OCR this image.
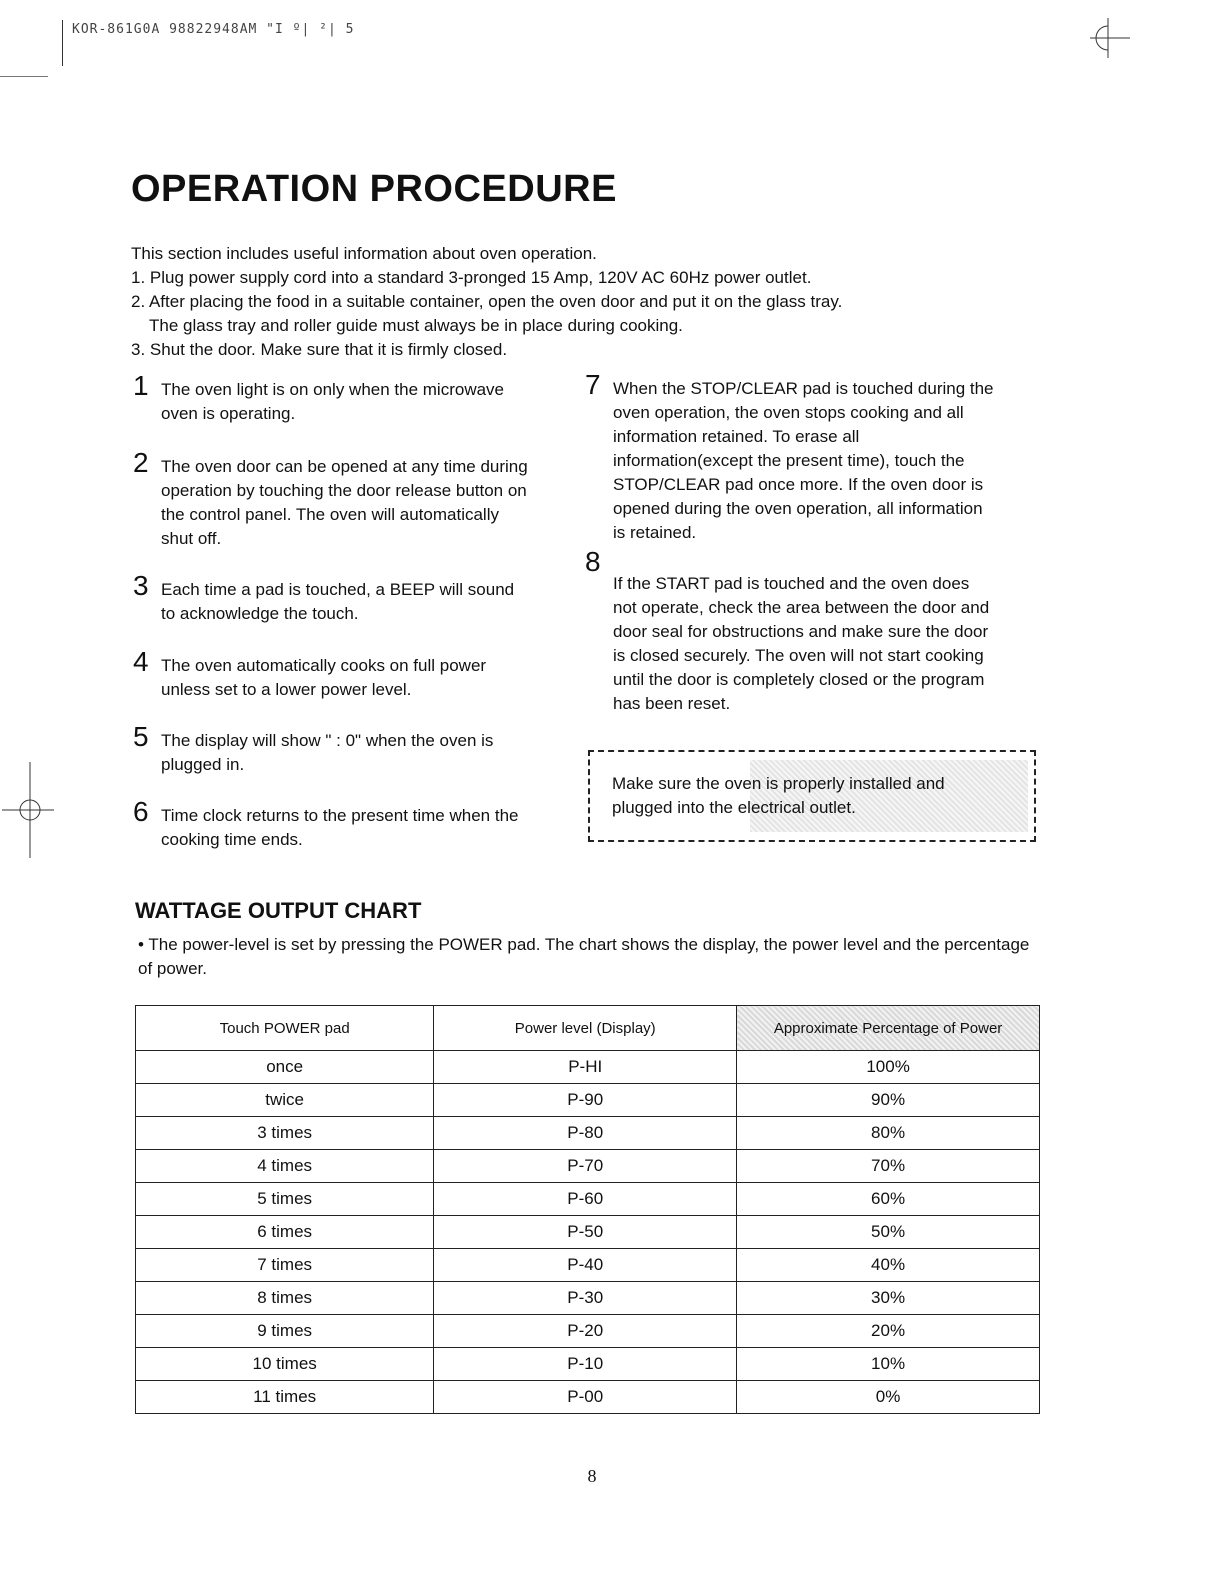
KOR-861G0A 98822948AM "I º| ²| 5
OPERATION PROCEDURE
This section includes useful information about oven operation.
1. Plug power supply cord into a standard 3-pronged 15 Amp, 120V AC 60Hz power outlet.
2. After placing the food in a suitable container, open the oven door and put it on the glass tray.
The glass tray and roller guide must always be in place during cooking.
3. Shut the door. Make sure that it is firmly closed.
1 The oven light is on only when the microwave
oven is operating.
2 The oven door can be opened at any time during
operation by touching the door release button on
the control panel. The oven will automatically
shut off.
3 Each time a pad is touched, a BEEP will sound
to acknowledge the touch.
4 The oven automatically cooks on full power
unless set to a lower power level.
5 The display will show " : 0" when the oven is
plugged in.
6 Time clock returns to the present time when the
cooking time ends.
7 When the STOP/CLEAR pad is touched during the
oven operation, the oven stops cooking and all
information retained. To erase all
information(except the present time), touch the
STOP/CLEAR pad once more. If the oven door is
opened during the oven operation, all information
is retained.
8
If the START pad is touched and the oven does
not operate, check the area between the door and
door seal for obstructions and make sure the door
is closed securely. The oven will not start cooking
until the door is completely closed or the program
has been reset.
Make sure the oven is properly installed and
plugged into the electrical outlet.
WATTAGE OUTPUT CHART
• The power-level is set by pressing the POWER pad. The chart shows the display, the power level and the percentage of power.
Touch POWER pad	Power level (Display)	Approximate Percentage of Power
once	P-HI	100%
twice	P-90	90%
3 times	P-80	80%
4 times	P-70	70%
5 times	P-60	60%
6 times	P-50	50%
7 times	P-40	40%
8 times	P-30	30%
9 times	P-20	20%
10 times	P-10	10%
11 times	P-00	0%
8
